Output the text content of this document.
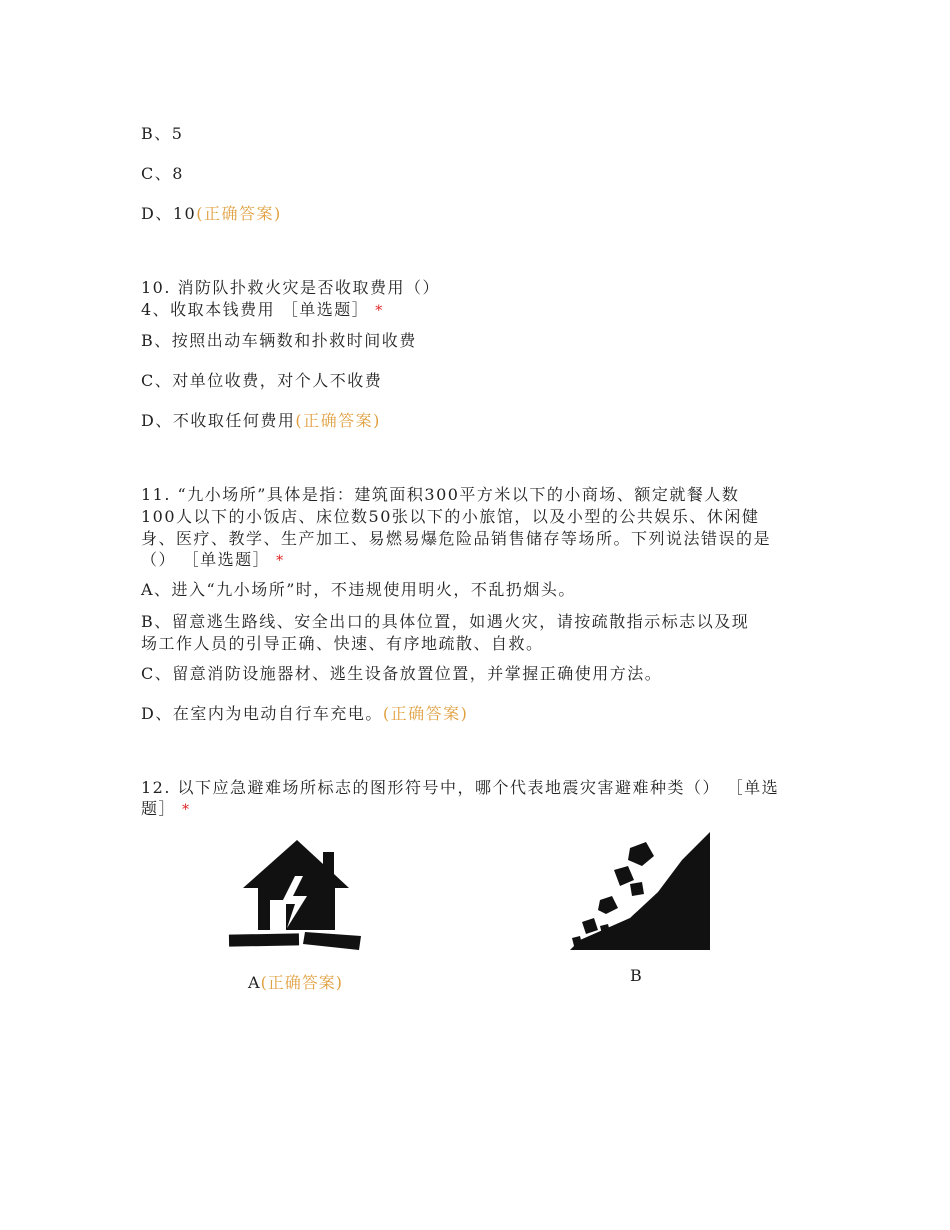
B、5
C、8
D、10(正确答案)
10. 消防队扑救火灾是否收取费用（）
4、收取本钱费用 ［单选题］ *
B、按照出动车辆数和扑救时间收费
C、对单位收费，对个人不收费
D、不收取任何费用(正确答案)
11. “九小场所”具体是指：建筑面积300平方米以下的小商场、额定就餐人数
100人以下的小饭店、床位数50张以下的小旅馆，以及小型的公共娱乐、休闲健
身、医疗、教学、生产加工、易燃易爆危险品销售储存等场所。下列说法错误的是
（） ［单选题］ *
A、进入“九小场所”时，不违规使用明火，不乱扔烟头。
B、留意逃生路线、安全出口的具体位置，如遇火灾，请按疏散指示标志以及现
场工作人员的引导正确、快速、有序地疏散、自救。
C、留意消防设施器材、逃生设备放置位置，并掌握正确使用方法。
D、在室内为电动自行车充电。(正确答案)
12. 以下应急避难场所标志的图形符号中，哪个代表地震灾害避难种类（） ［单选
题］ *
A(正确答案)	B
